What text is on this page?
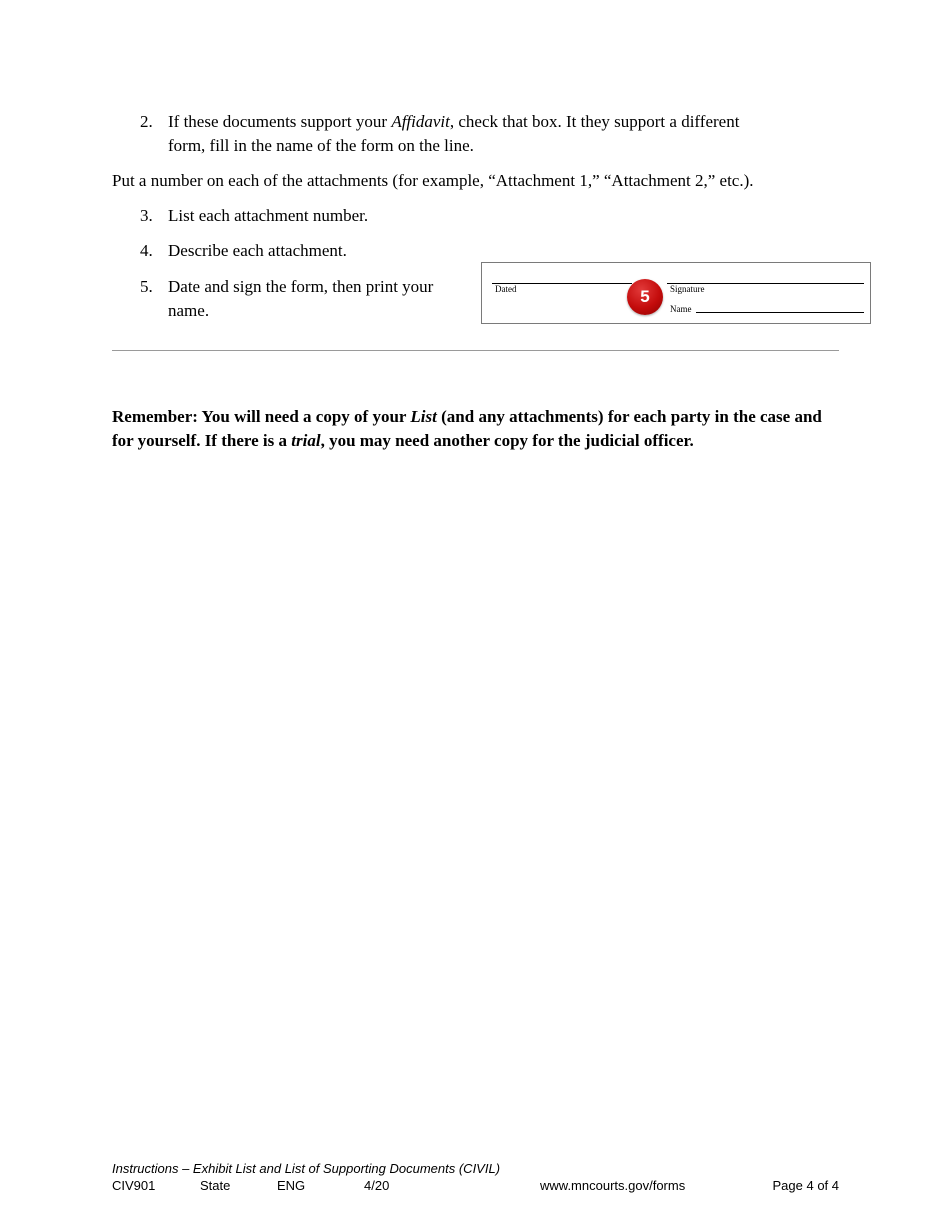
2. If these documents support your Affidavit, check that box. It they support a different
form, fill in the name of the form on the line.
Put a number on each of the attachments (for example, “Attachment 1,” “Attachment 2,” etc.).
3. List each attachment number.
4. Describe each attachment.
5. Date and sign the form, then print your
name.
Dated	Signature
Name
5
Remember: You will need a copy of your List (and any attachments) for each party in the case and for yourself. If there is a trial, you may need another copy for the judicial officer.
Instructions – Exhibit List and List of Supporting Documents (CIVIL)
CIV901	State	ENG	4/20	www.mncourts.gov/forms	Page 4 of 4
